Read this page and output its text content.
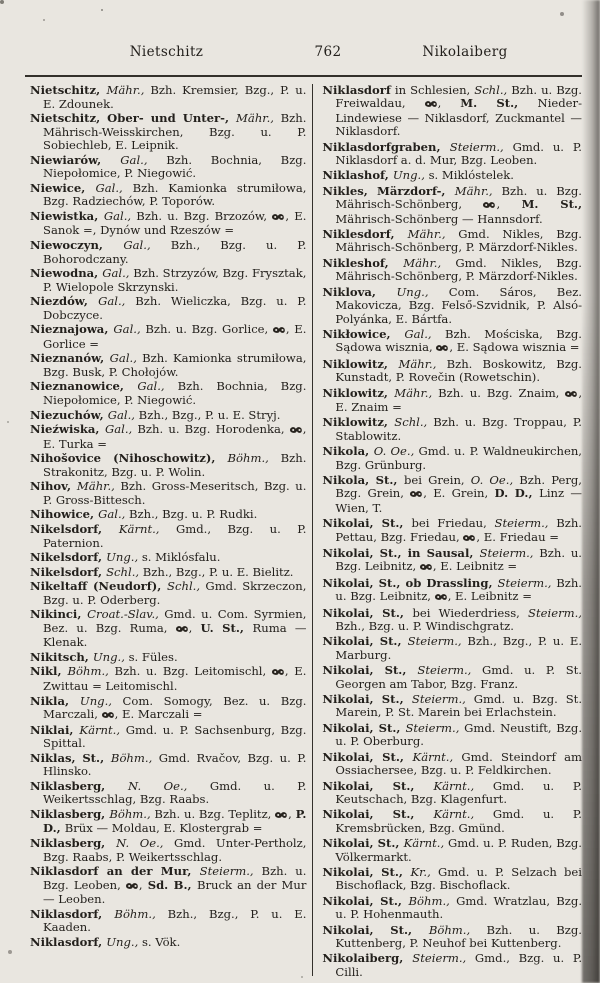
Nietschitz	762	Nikolaiberg

Nietschitz, Mähr., Bzh. Kremsier, Bzg., P. u. E. Zdounek.

Nietschitz, Ober- und Unter-, Mähr., Bzh. Mährisch-Weisskirchen, Bzg. u. P. Sobiechleb, E. Leipnik.

Niewiarów, Gal., Bzh. Bochnia, Bzg. Niepołomice, P. Niegowić.

Niewice, Gal., Bzh. Kamionka strumiłowa, Bzg. Radziechów, P. Toporów.

Niewistka, Gal., Bzh. u. Bzg. Brzozów, , E. Sanok =, Dynów und Rzeszów =

Niewoczyn, Gal., Bzh., Bzg. u. P. Bohorodczany.

Niewodna, Gal., Bzh. Strzyzów, Bzg. Frysztak, P. Wielopole Skrzynski.

Niezdów, Gal., Bzh. Wieliczka, Bzg. u. P. Dobczyce.

Nieznajowa, Gal., Bzh. u. Bzg. Gorlice, , E. Gorlice =

Nieznanów, Gal., Bzh. Kamionka strumiłowa, Bzg. Busk, P. Chołojów.

Nieznanowice, Gal., Bzh. Bochnia, Bzg. Niepołomice, P. Niegowić.

Niezuchów, Gal., Bzh., Bzg., P. u. E. Stryj.

Nieźwiska, Gal., Bzh. u. Bzg. Horodenka, , E. Turka =

Nihošovice (Nihoschowitz), Böhm., Bzh. Strakonitz, Bzg. u. P. Wolin.

Nihov, Mähr., Bzh. Gross-Meseritsch, Bzg. u. P. Gross-Bittesch.

Nihowice, Gal., Bzh., Bzg. u. P. Rudki.

Nikelsdorf, Kärnt., Gmd., Bzg. u. P. Paternion.

Nikelsdorf, Ung., s. Miklósfalu.

Nikelsdorf, Schl., Bzh., Bzg., P. u. E. Bielitz.

Nikeltaff (Neudorf), Schl., Gmd. Skrzeczon, Bzg. u. P. Oderberg.

Nikinci, Croat.-Slav., Gmd. u. Com. Syrmien, Bez. u. Bzg. Ruma, , U. St., Ruma — Klenak.

Nikitsch, Ung., s. Füles.

Nikl, Böhm., Bzh. u. Bzg. Leitomischl, , E. Zwittau = Leitomischl.

Nikla, Ung., Com. Somogy, Bez. u. Bzg. Marczali, , E. Marczali =

Niklai, Kärnt., Gmd. u. P. Sachsenburg, Bzg. Spittal.

Niklas, St., Böhm., Gmd. Rvačov, Bzg. u. P. Hlinsko.

Niklasberg, N. Oe., Gmd. u. P. Weikertsschlag, Bzg. Raabs.

Niklasberg, Böhm., Bzh. u. Bzg. Teplitz, , P. D., Brüx — Moldau, E. Klostergrab =

Niklasberg, N. Oe., Gmd. Unter-Pertholz, Bzg. Raabs, P. Weikertsschlag.

Niklasdorf an der Mur, Steierm., Bzh. u. Bzg. Leoben, , Sd. B., Bruck an der Mur — Leoben.

Niklasdorf, Böhm., Bzh., Bzg., P. u. E. Kaaden.

Niklasdorf, Ung., s. Vök.

Niklasdorf in Schlesien, Schl., Bzh. u. Bzg. Freiwaldau, , M. St., Nieder-Lindewiese — Niklasdorf, Zuckmantel — Niklasdorf.

Niklasdorfgraben, Steierm., Gmd. u. P. Niklasdorf a. d. Mur, Bzg. Leoben.

Niklashof, Ung., s. Miklóstelek.

Nikles, Märzdorf-, Mähr., Bzh. u. Bzg. Mährisch-Schönberg, , M. St., Mährisch-Schönberg — Hannsdorf.

Niklesdorf, Mähr., Gmd. Nikles, Bzg. Mährisch-Schönberg, P. Märzdorf-Nikles.

Nikleshof, Mähr., Gmd. Nikles, Bzg. Mährisch-Schönberg, P. Märzdorf-Nikles.

Niklova, Ung., Com. Sáros, Bez. Makovicza, Bzg. Felső-Szvidnik, P. Alsó-Polyánka, E. Bártfa.

Nikłowice, Gal., Bzh. Mościska, Bzg. Sądowa wisznia, , E. Sądowa wisznia =

Niklowitz, Mähr., Bzh. Boskowitz, Bzg. Kunstadt, P. Rovečin (Rowetschin).

Niklowitz, Mähr., Bzh. u. Bzg. Znaim, , E. Znaim =

Niklowitz, Schl., Bzh. u. Bzg. Troppau, P. Stablowitz.

Nikola, O. Oe., Gmd. u. P. Waldneukirchen, Bzg. Grünburg.

Nikola, St., bei Grein, O. Oe., Bzh. Perg, Bzg. Grein, , E. Grein, D. D., Linz — Wien, T.

Nikolai, St., bei Friedau, Steierm., Bzh. Pettau, Bzg. Friedau, , E. Friedau =

Nikolai, St., in Sausal, Steierm., Bzh. u. Bzg. Leibnitz, , E. Leibnitz =

Nikolai, St., ob Drassling, Steierm., Bzh. u. Bzg. Leibnitz, , E. Leibnitz =

Nikolai, St., bei Wiederdriess, Steierm., Bzh., Bzg. u. P. Windischgratz.

Nikolai, St., Steierm., Bzh., Bzg., P. u. E. Marburg.

Nikolai, St., Steierm., Gmd. u. P. St. Georgen am Tabor, Bzg. Franz.

Nikolai, St., Steierm., Gmd. u. Bzg. St. Marein, P. St. Marein bei Erlachstein.

Nikolai, St., Steierm., Gmd. Neustift, Bzg. u. P. Oberburg.

Nikolai, St., Kärnt., Gmd. Steindorf am Ossiachersee, Bzg. u. P. Feldkirchen.

Nikolai, St., Kärnt., Gmd. u. P. Keutschach, Bzg. Klagenfurt.

Nikolai, St., Kärnt., Gmd. u. P. Kremsbrücken, Bzg. Gmünd.

Nikolai, St., Kärnt., Gmd. u. P. Ruden, Bzg. Völkermarkt.

Nikolai, St., Kr., Gmd. u. P. Selzach bei Bischoflack, Bzg. Bischoflack.

Nikolai, St., Böhm., Gmd. Wratzlau, Bzg. u. P. Hohenmauth.

Nikolai, St., Böhm., Bzh. u. Bzg. Kuttenberg, P. Neuhof bei Kuttenberg.

Nikolaiberg, Steierm., Gmd., Bzg. u. P. Cilli.
